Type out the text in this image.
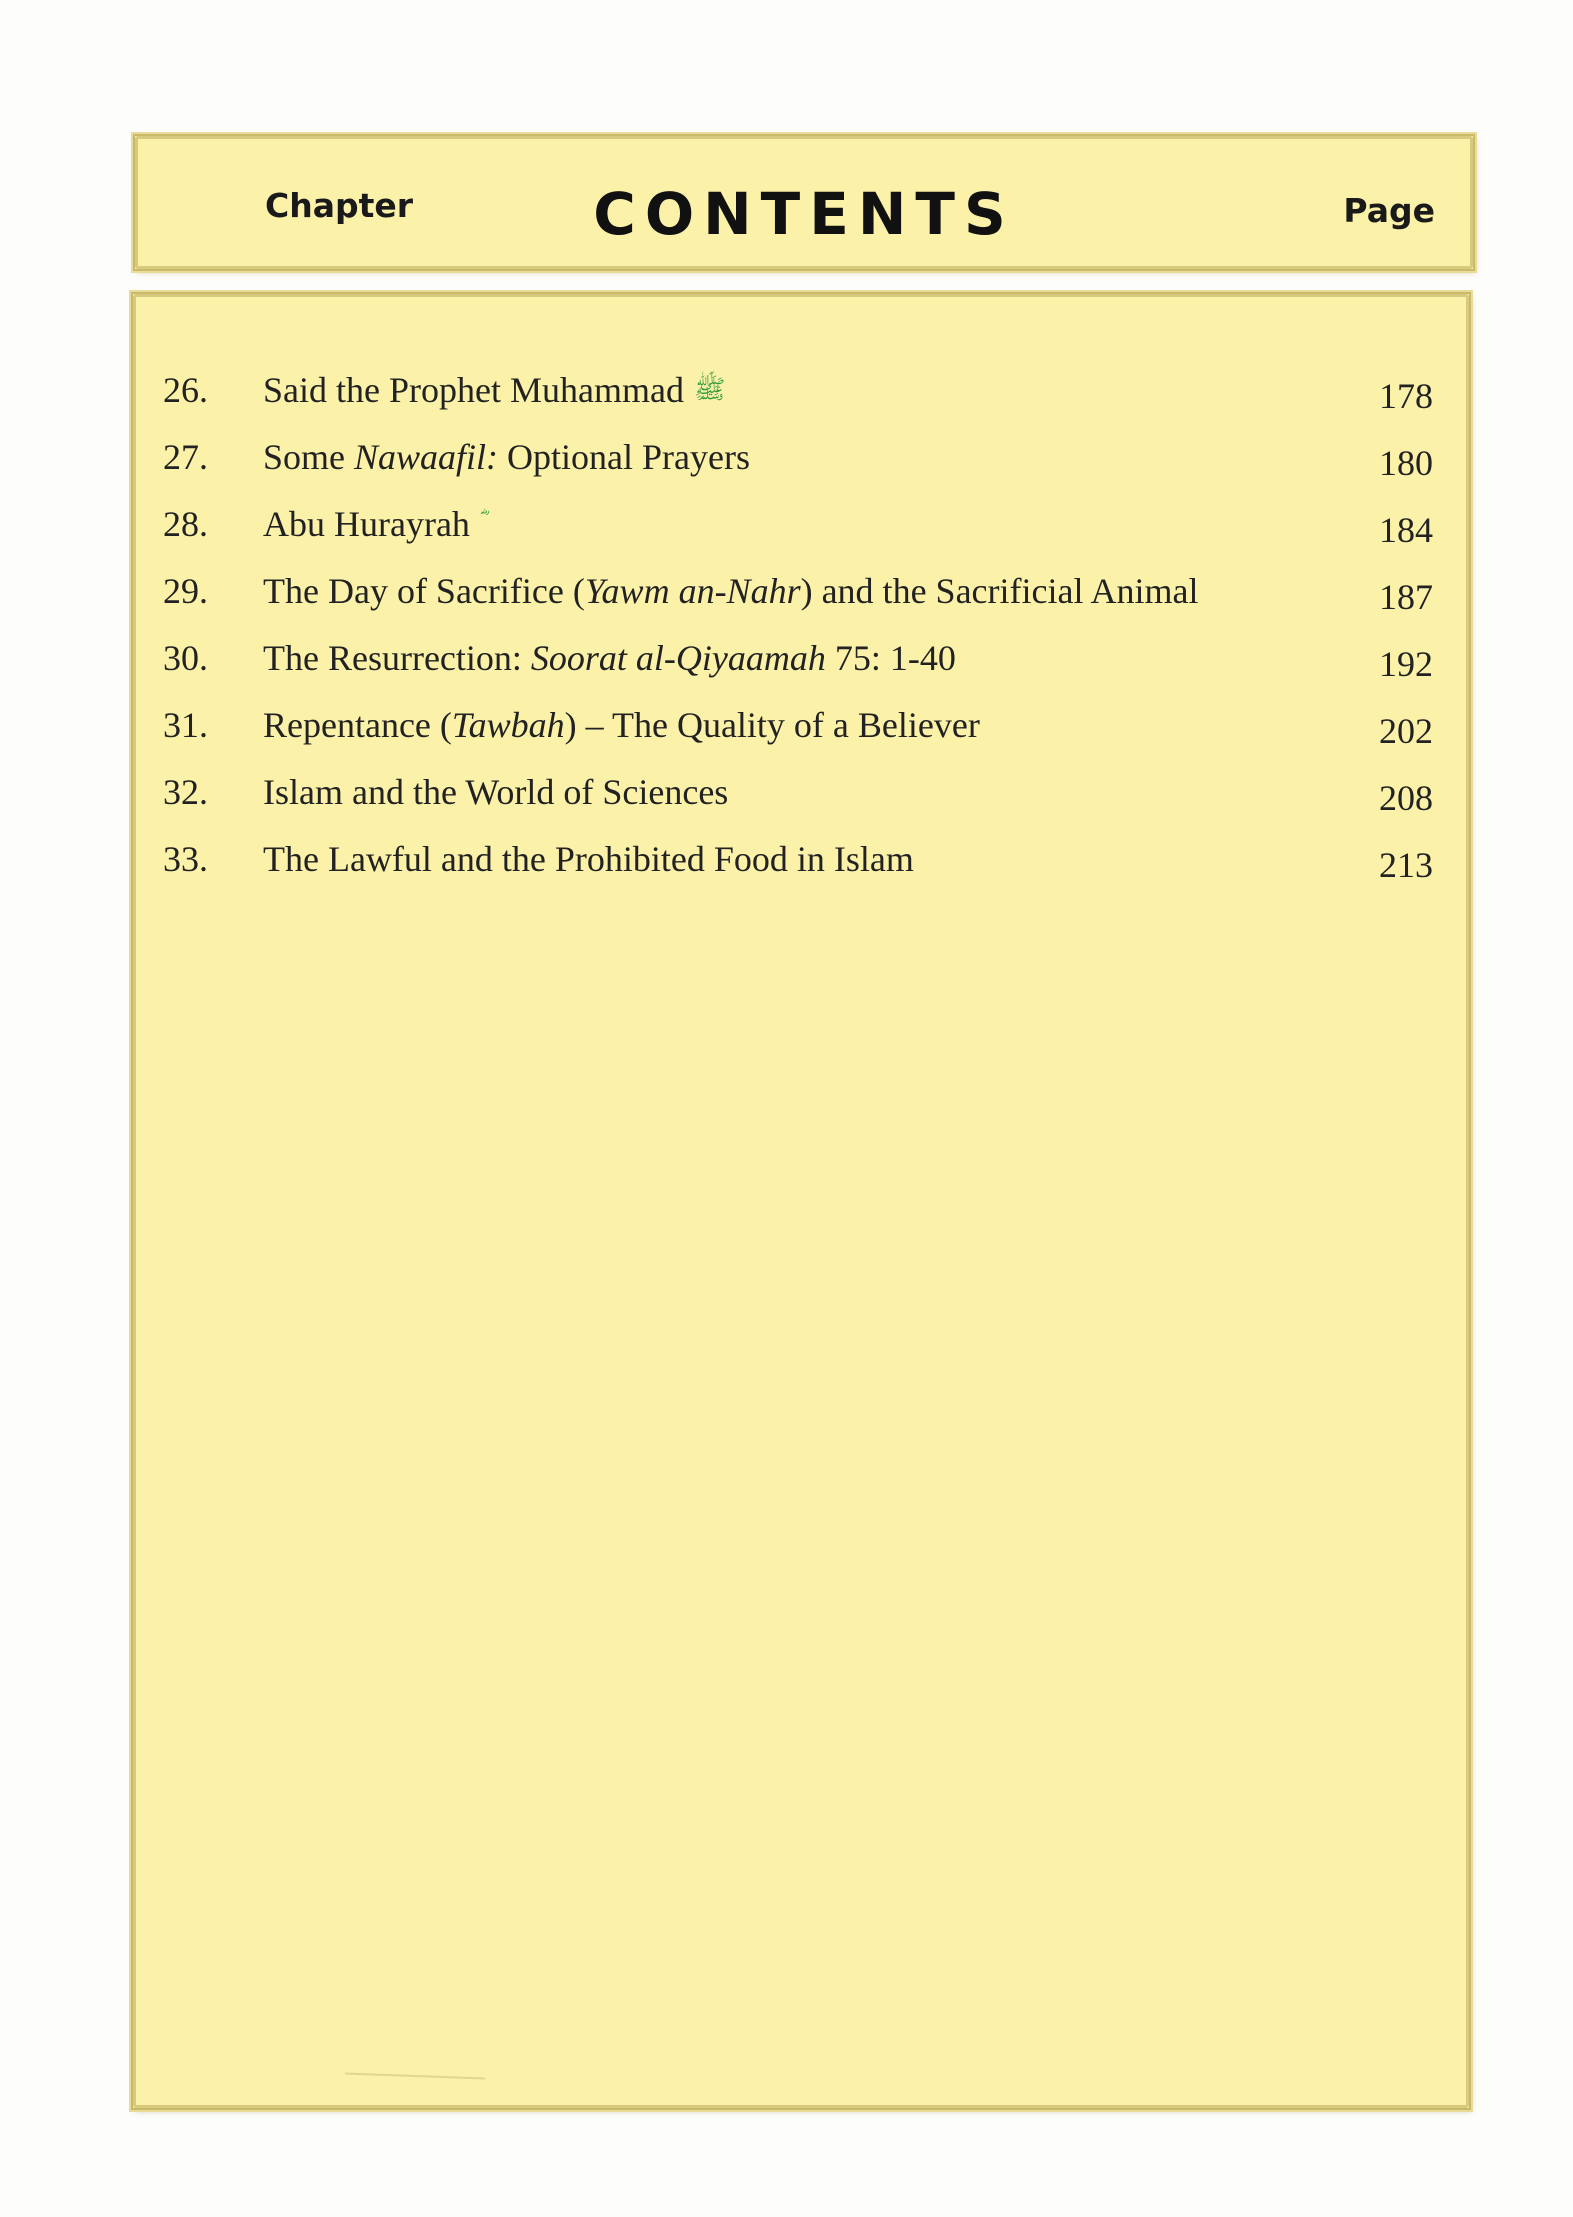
Chapter	CONTENTS	Page
26. Said the Prophet Muhammad ﷺ	178
27. Some Nawaafil: Optional Prayers	180
28. Abu Hurayrah	184
29. The Day of Sacrifice (Yawm an-Nahr) and the Sacrificial Animal	187
30. The Resurrection: Soorat al-Qiyaamah 75: 1-40	192
31. Repentance (Tawbah) – The Quality of a Believer	202
32. Islam and the World of Sciences	208
33. The Lawful and the Prohibited Food in Islam	213
